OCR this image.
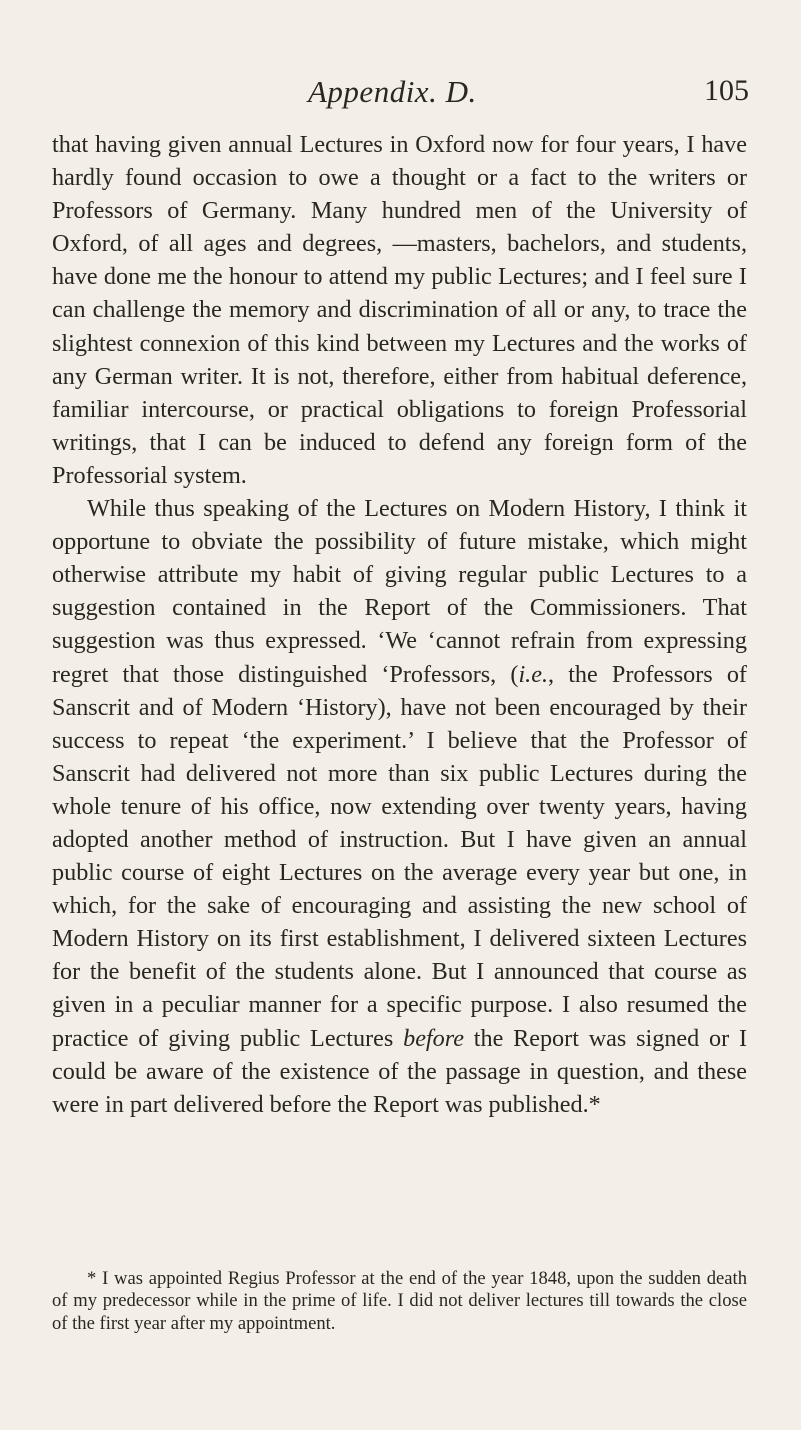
Appendix. D.	105

that having given annual Lectures in Oxford now for four years, I have hardly found occasion to owe a thought or a fact to the writers or Professors of Germany. Many hundred men of the University of Oxford, of all ages and degrees, —masters, bachelors, and students, have done me the honour to attend my public Lectures; and I feel sure I can challenge the memory and discrimination of all or any, to trace the slightest connexion of this kind between my Lectures and the works of any German writer. It is not, therefore, either from habitual deference, familiar intercourse, or practical obligations to foreign Professorial writings, that I can be induced to defend any foreign form of the Professorial system.

While thus speaking of the Lectures on Modern History, I think it opportune to obviate the possibility of future mistake, which might otherwise attribute my habit of giving regular public Lectures to a suggestion contained in the Report of the Commissioners. That suggestion was thus expressed. ‘We ‘cannot refrain from expressing regret that those distinguished ‘Professors, (i.e., the Professors of Sanscrit and of Modern ‘History), have not been encouraged by their success to repeat ‘the experiment.’ I believe that the Professor of Sanscrit had delivered not more than six public Lectures during the whole tenure of his office, now extending over twenty years, having adopted another method of instruction. But I have given an annual public course of eight Lectures on the average every year but one, in which, for the sake of encouraging and assisting the new school of Modern History on its first establishment, I delivered sixteen Lectures for the benefit of the students alone. But I announced that course as given in a peculiar manner for a specific purpose. I also resumed the practice of giving public Lectures before the Report was signed or I could be aware of the existence of the passage in question, and these were in part delivered before the Report was published.*

* I was appointed Regius Professor at the end of the year 1848, upon the sudden death of my predecessor while in the prime of life. I did not deliver lectures till towards the close of the first year after my appointment.
